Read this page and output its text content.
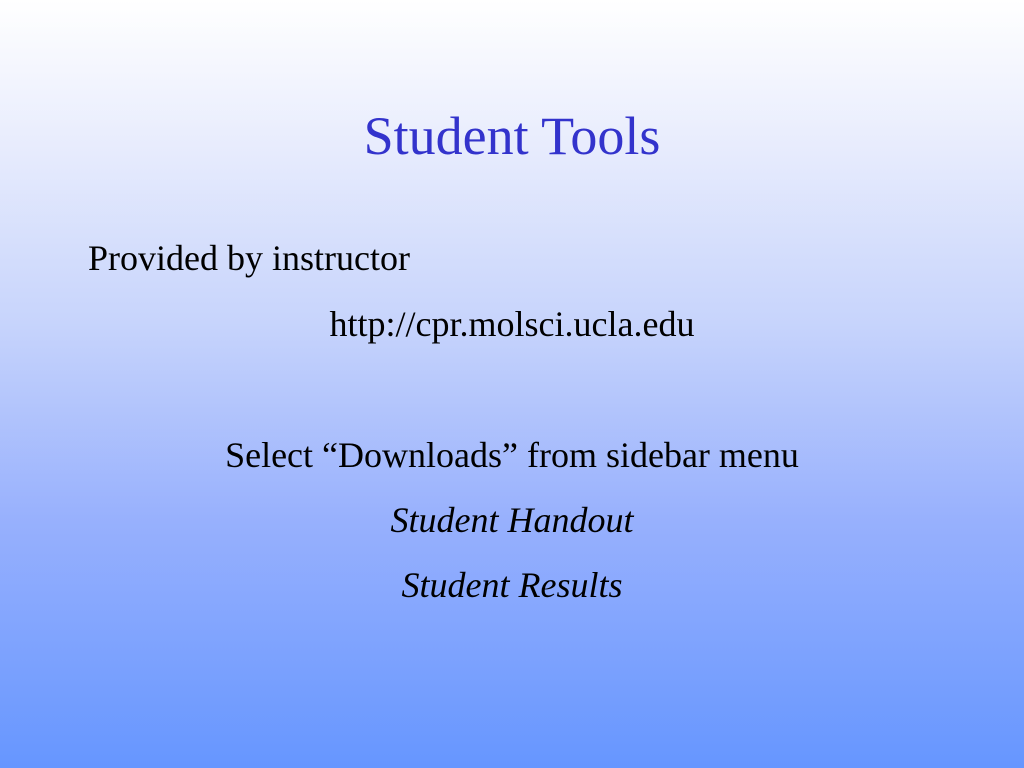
Student Tools
Provided by instructor
http://cpr.molsci.ucla.edu
Select “Downloads” from sidebar menu
Student Handout
Student Results
